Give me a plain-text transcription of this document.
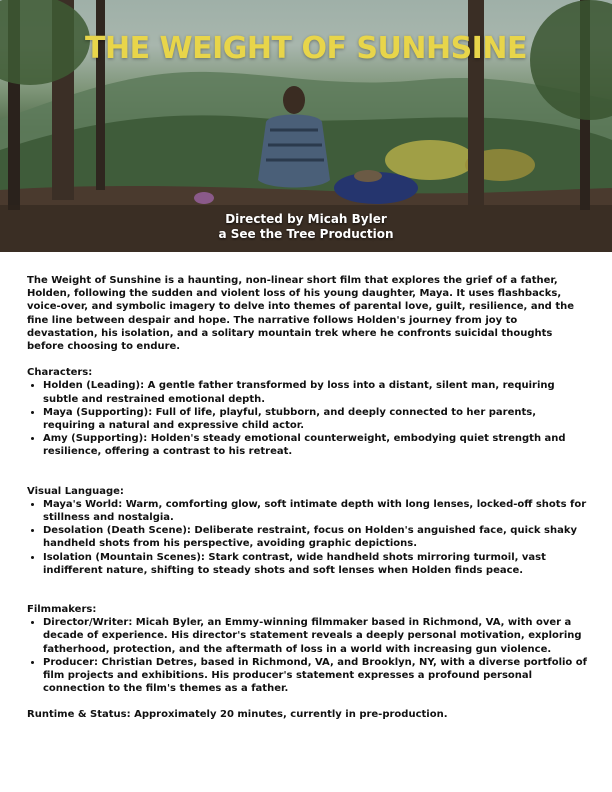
THE WEIGHT OF SUNHSINE
Directed by Micah Byler
a See the Tree Production

The Weight of Sunshine is a haunting, non-linear short film that explores the grief of a father, Holden, following the sudden and violent loss of his young daughter, Maya. It uses flashbacks, voice-over, and symbolic imagery to delve into themes of parental love, guilt, resilience, and the fine line between despair and hope. The narrative follows Holden's journey from joy to devastation, his isolation, and a solitary mountain trek where he confronts suicidal thoughts before choosing to endure.

Characters:

• Holden (Leading): A gentle father transformed by loss into a distant, silent man, requiring subtle and restrained emotional depth.
• Maya (Supporting): Full of life, playful, stubborn, and deeply connected to her parents, requiring a natural and expressive child actor.
• Amy (Supporting): Holden's steady emotional counterweight, embodying quiet strength and resilience, offering a contrast to his retreat.

Visual Language:

• Maya's World: Warm, comforting glow, soft intimate depth with long lenses, locked-off shots for stillness and nostalgia.
• Desolation (Death Scene): Deliberate restraint, focus on Holden's anguished face, quick shaky handheld shots from his perspective, avoiding graphic depictions.
• Isolation (Mountain Scenes): Stark contrast, wide handheld shots mirroring turmoil, vast indifferent nature, shifting to steady shots and soft lenses when Holden finds peace.

Filmmakers:

• Director/Writer: Micah Byler, an Emmy-winning filmmaker based in Richmond, VA, with over a decade of experience. His director's statement reveals a deeply personal motivation, exploring fatherhood, protection, and the aftermath of loss in a world with increasing gun violence.
• Producer: Christian Detres, based in Richmond, VA, and Brooklyn, NY, with a diverse portfolio of film projects and exhibitions. His producer's statement expresses a profound personal connection to the film's themes as a father.

Runtime & Status: Approximately 20 minutes, currently in pre-production.
